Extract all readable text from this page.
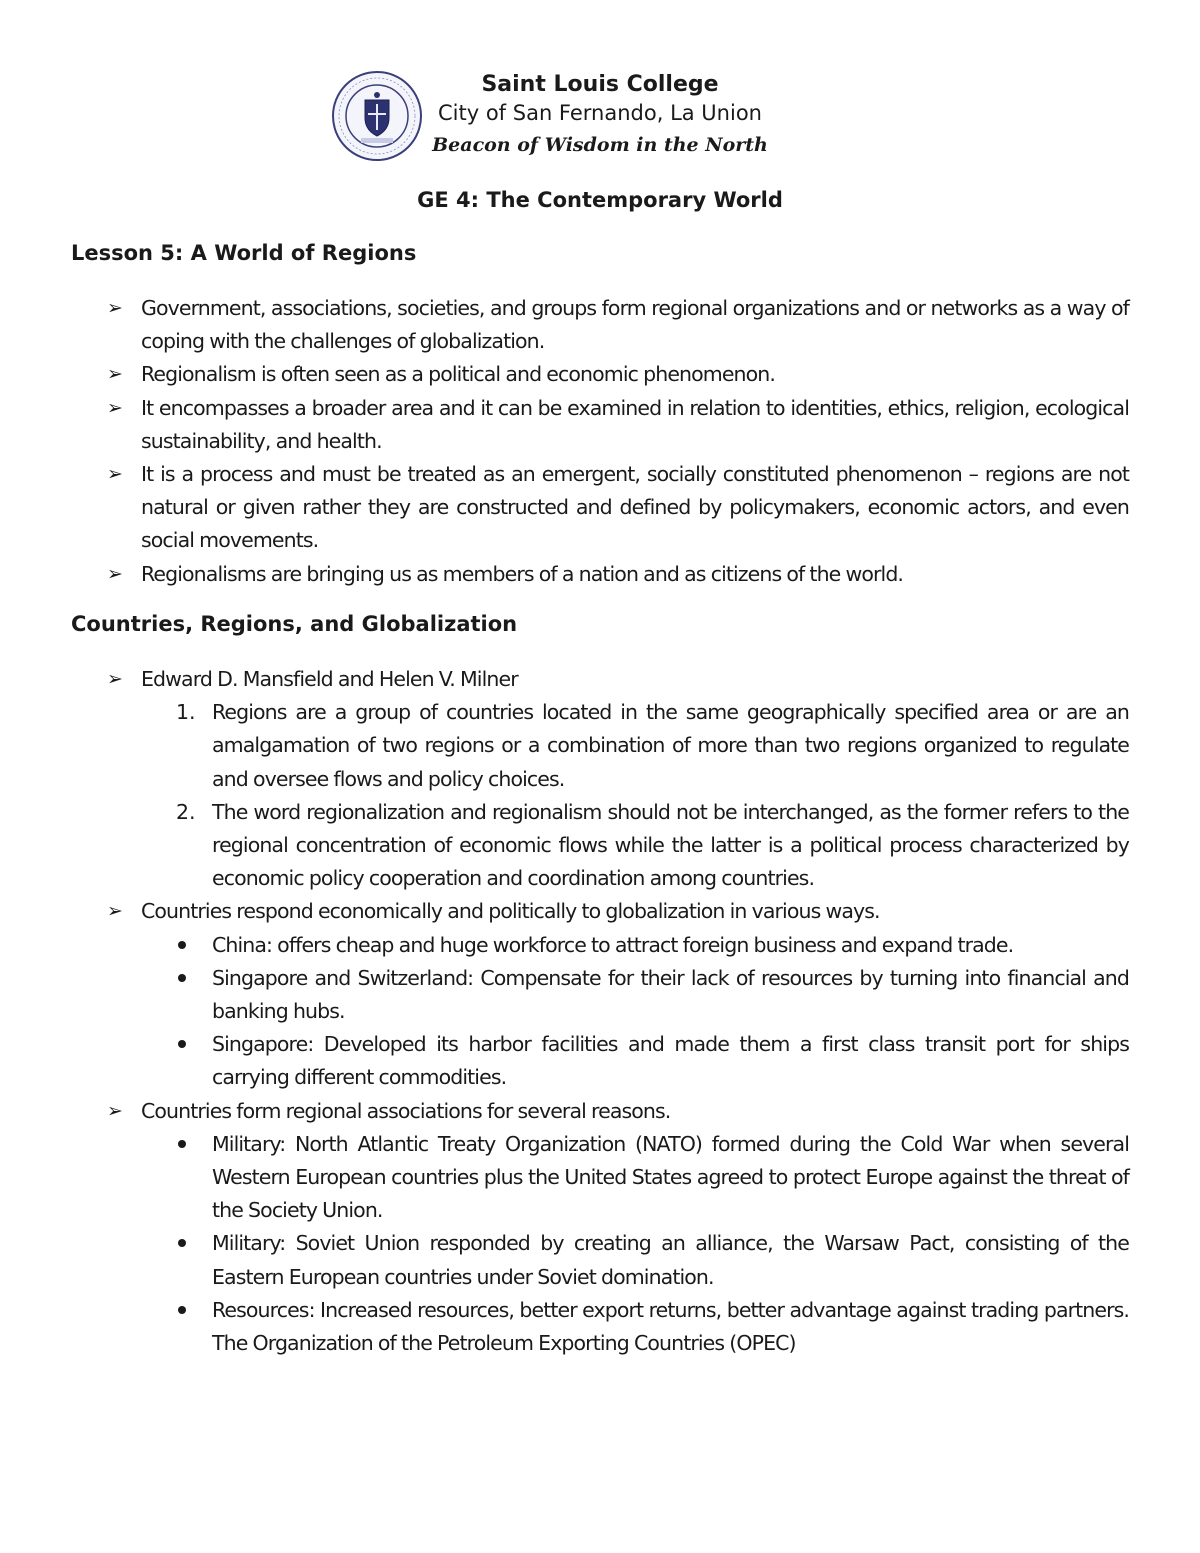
Saint Louis College
City of San Fernando, La Union
Beacon of Wisdom in the North
GE 4: The Contemporary World
Lesson 5: A World of Regions
➢ Government, associations, societies, and groups form regional organizations and or networks as a way of coping with the challenges of globalization.
➢ Regionalism is often seen as a political and economic phenomenon.
➢ It encompasses a broader area and it can be examined in relation to identities, ethics, religion, ecological sustainability, and health.
➢ It is a process and must be treated as an emergent, socially constituted phenomenon – regions are not natural or given rather they are constructed and defined by policymakers, economic actors, and even social movements.
➢ Regionalisms are bringing us as members of a nation and as citizens of the world.
Countries, Regions, and Globalization
➢ Edward D. Mansfield and Helen V. Milner
1. Regions are a group of countries located in the same geographically specified area or are an amalgamation of two regions or a combination of more than two regions organized to regulate and oversee flows and policy choices.
2. The word regionalization and regionalism should not be interchanged, as the former refers to the regional concentration of economic flows while the latter is a political process characterized by economic policy cooperation and coordination among countries.
➢ Countries respond economically and politically to globalization in various ways.
China: offers cheap and huge workforce to attract foreign business and expand trade.
Singapore and Switzerland: Compensate for their lack of resources by turning into financial and banking hubs.
Singapore: Developed its harbor facilities and made them a first class transit port for ships carrying different commodities.
➢ Countries form regional associations for several reasons.
Military: North Atlantic Treaty Organization (NATO) formed during the Cold War when several Western European countries plus the United States agreed to protect Europe against the threat of the Society Union.
Military: Soviet Union responded by creating an alliance, the Warsaw Pact, consisting of the Eastern European countries under Soviet domination.
Resources: Increased resources, better export returns, better advantage against trading partners. The Organization of the Petroleum Exporting Countries (OPEC)
